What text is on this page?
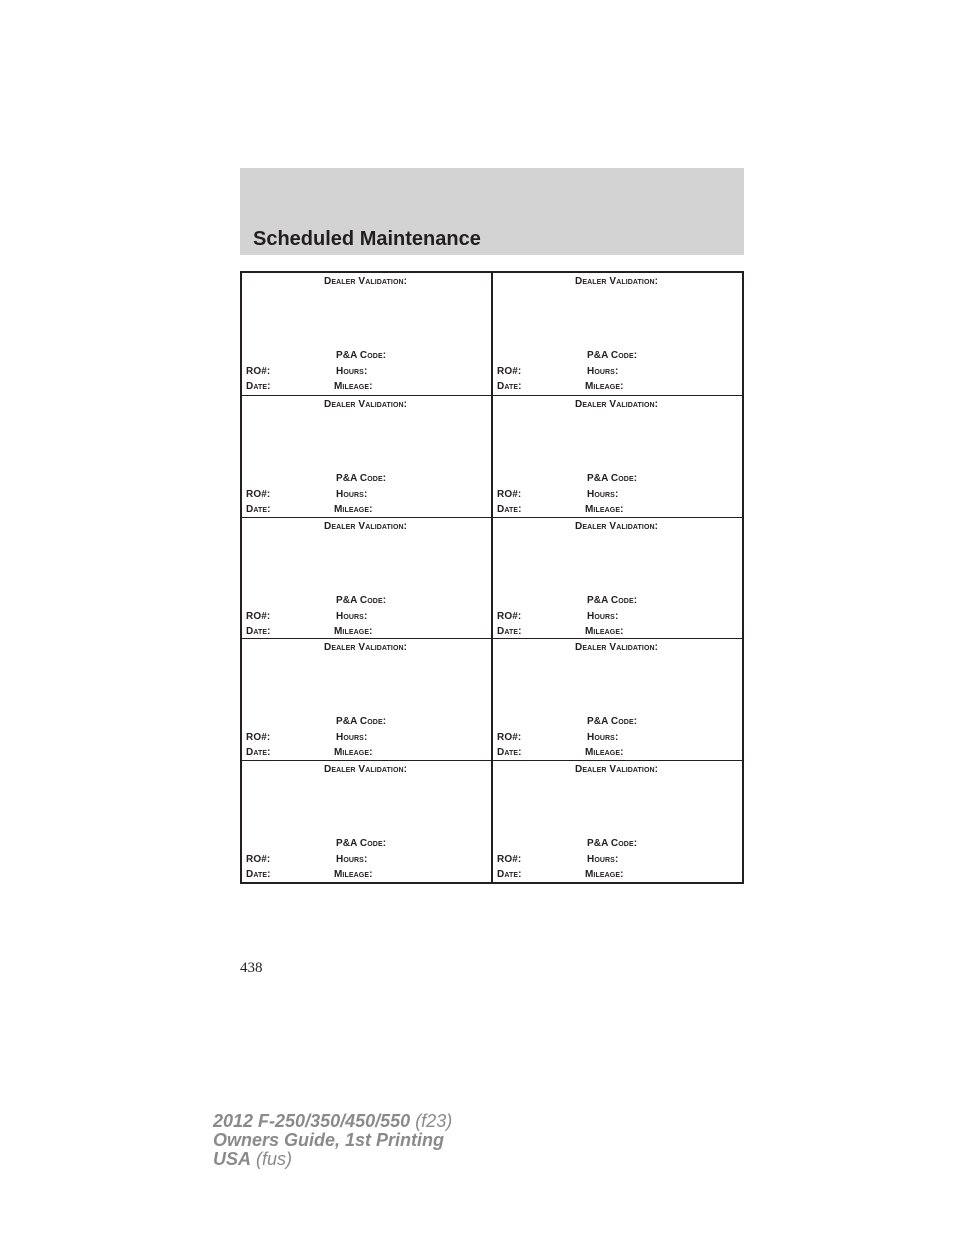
Scheduled Maintenance
Dealer Validation:
P&A Code:
RO#:	Hours:
Date:	Mileage:
Dealer Validation:
P&A Code:
RO#:	Hours:
Date:	Mileage:
Dealer Validation:
P&A Code:
RO#:	Hours:
Date:	Mileage:
Dealer Validation:
P&A Code:
RO#:	Hours:
Date:	Mileage:
Dealer Validation:
P&A Code:
RO#:	Hours:
Date:	Mileage:
Dealer Validation:
P&A Code:
RO#:	Hours:
Date:	Mileage:
Dealer Validation:
P&A Code:
RO#:	Hours:
Date:	Mileage:
Dealer Validation:
P&A Code:
RO#:	Hours:
Date:	Mileage:
Dealer Validation:
P&A Code:
RO#:	Hours:
Date:	Mileage:
Dealer Validation:
P&A Code:
RO#:	Hours:
Date:	Mileage:
438
2012 F-250/350/450/550 (f23)
Owners Guide, 1st Printing
USA (fus)
